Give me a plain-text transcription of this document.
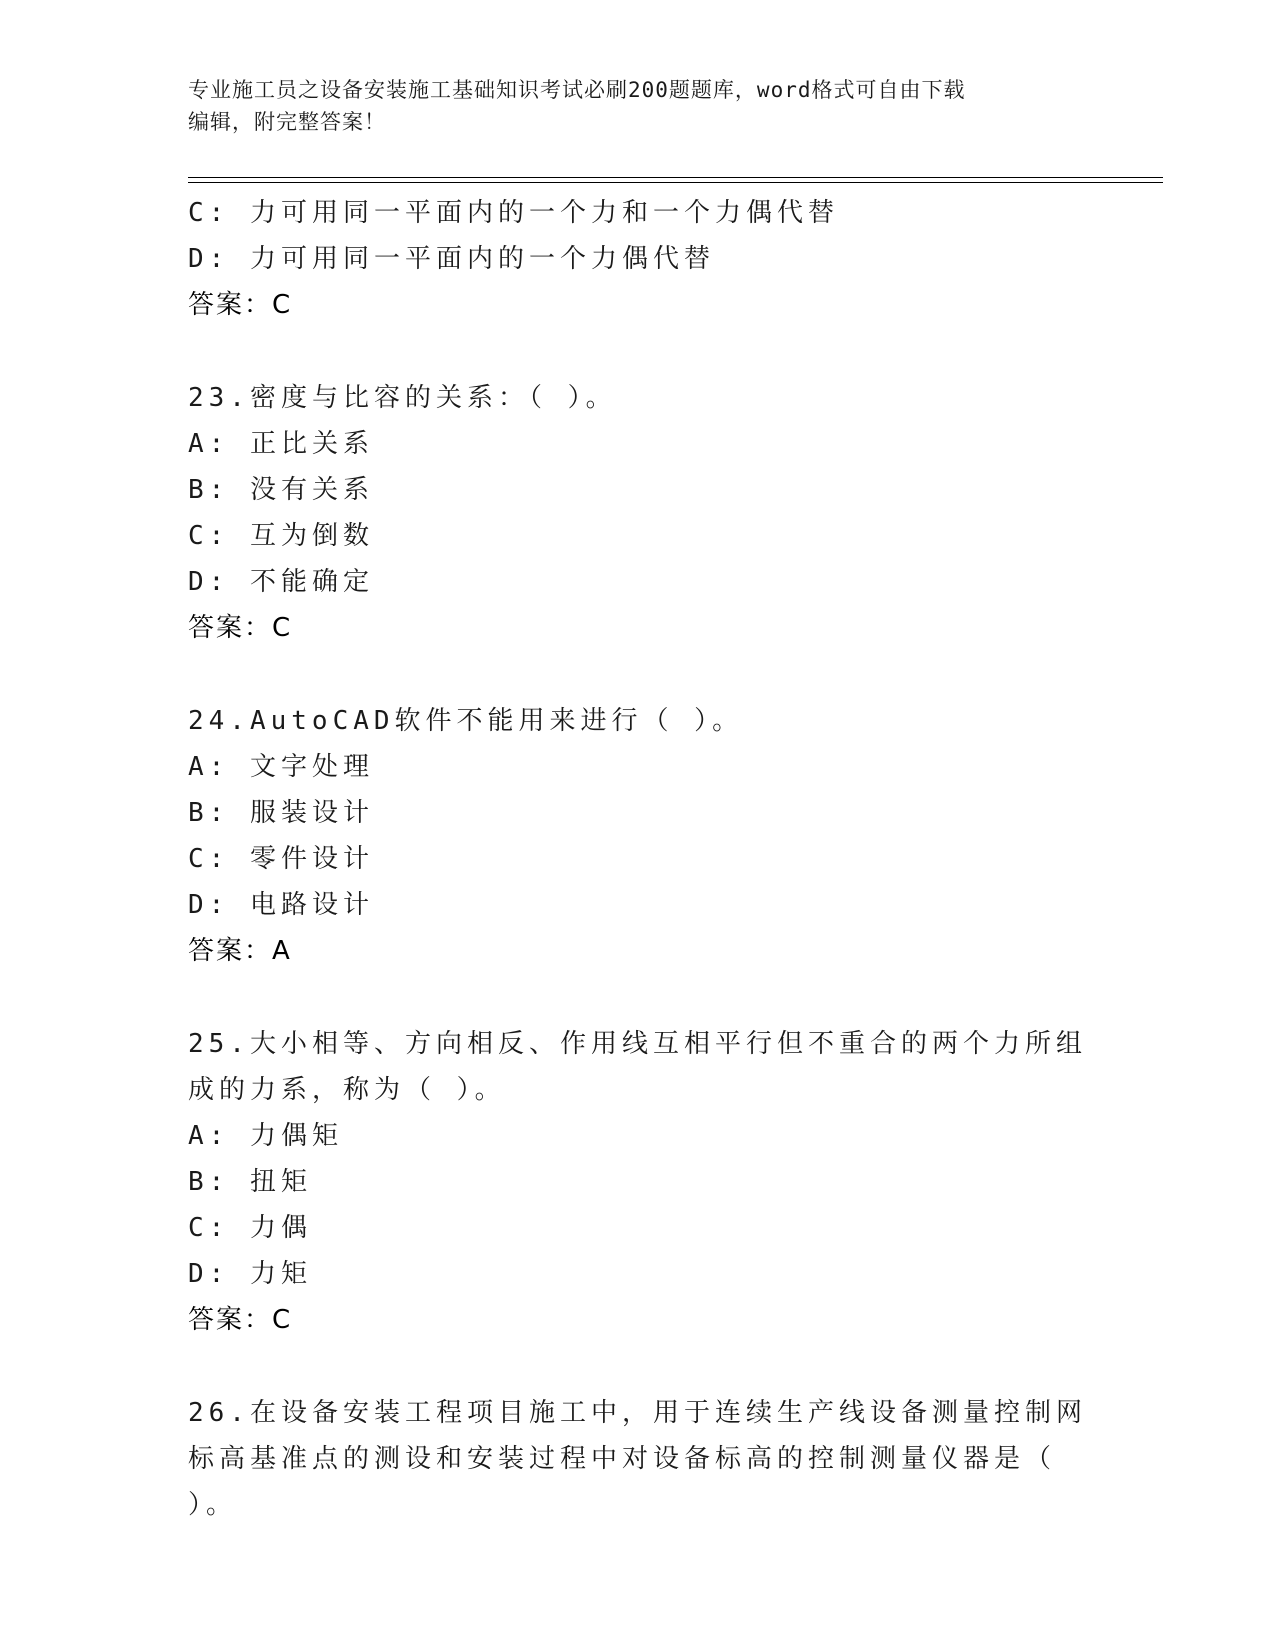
专业施工员之设备安装施工基础知识考试必刷200题题库，word格式可自由下载
编辑，附完整答案！
C: 力可用同一平面内的一个力和一个力偶代替
D: 力可用同一平面内的一个力偶代替
答案：C
23.密度与比容的关系：（ ）。
A: 正比关系
B: 没有关系
C: 互为倒数
D: 不能确定
答案：C
24.AutoCAD软件不能用来进行（ ）。
A: 文字处理
B: 服装设计
C: 零件设计
D: 电路设计
答案：A
25.大小相等、方向相反、作用线互相平行但不重合的两个力所组成的力系，称为（ ）。
A: 力偶矩
B: 扭矩
C: 力偶
D: 力矩
答案：C
26.在设备安装工程项目施工中，用于连续生产线设备测量控制网标高基准点的测设和安装过程中对设备标高的控制测量仪器是（ ）。
